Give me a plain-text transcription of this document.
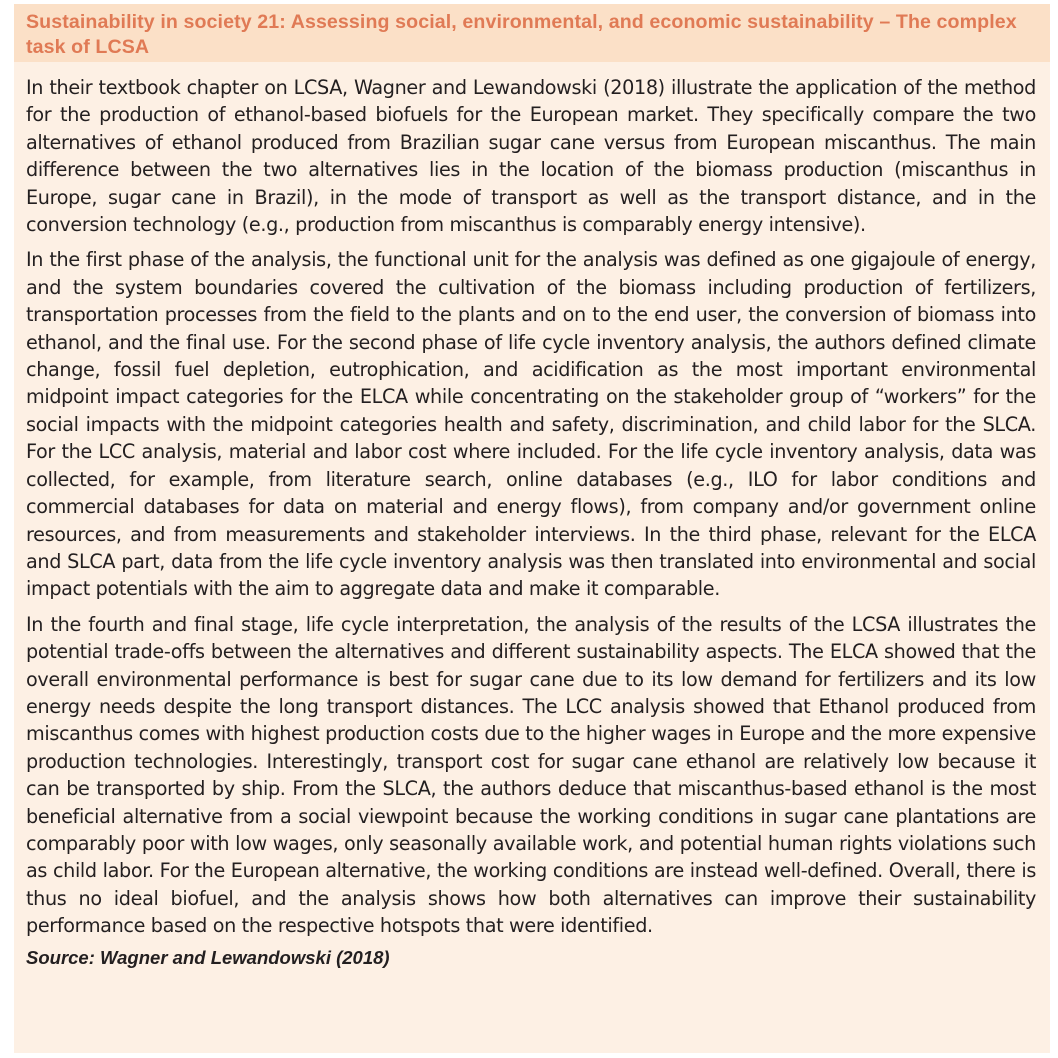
Sustainability in society 21: Assessing social, environmental, and economic sustainability – The complex task of LCSA

In their textbook chapter on LCSA, Wagner and Lewandowski (2018) illustrate the application of the method for the production of ethanol-based biofuels for the European market. They specifically compare the two alternatives of ethanol produced from Brazilian sugar cane versus from European miscanthus. The main difference between the two alternatives lies in the location of the biomass production (miscanthus in Europe, sugar cane in Brazil), in the mode of transport as well as the transport distance, and in the conversion technology (e.g., production from miscanthus is comparably energy intensive).

In the first phase of the analysis, the functional unit for the analysis was defined as one gigajoule of energy, and the system boundaries covered the cultivation of the biomass including production of fertilizers, transportation processes from the field to the plants and on to the end user, the conversion of biomass into ethanol, and the final use. For the second phase of life cycle inventory analysis, the authors defined climate change, fossil fuel depletion, eutrophication, and acidification as the most important environmental midpoint impact categories for the ELCA while concentrating on the stakeholder group of “workers” for the social impacts with the midpoint categories health and safety, discrimination, and child labor for the SLCA. For the LCC analysis, material and labor cost where included. For the life cycle inventory analysis, data was collected, for example, from literature search, online databases (e.g., ILO for labor conditions and commercial databases for data on material and energy flows), from company and/or government online resources, and from measurements and stakeholder interviews. In the third phase, relevant for the ELCA and SLCA part, data from the life cycle inventory analysis was then translated into environmental and social impact potentials with the aim to aggregate data and make it comparable.

In the fourth and final stage, life cycle interpretation, the analysis of the results of the LCSA illustrates the potential trade-offs between the alternatives and different sustainability aspects. The ELCA showed that the overall environmental performance is best for sugar cane due to its low demand for fertilizers and its low energy needs despite the long transport distances. The LCC analysis showed that Ethanol produced from miscanthus comes with highest production costs due to the higher wages in Europe and the more expensive production technologies. Interestingly, transport cost for sugar cane ethanol are relatively low because it can be transported by ship. From the SLCA, the authors deduce that miscanthus-based ethanol is the most beneficial alternative from a social viewpoint because the working conditions in sugar cane plantations are comparably poor with low wages, only seasonally available work, and potential human rights violations such as child labor. For the European alternative, the working conditions are instead well-defined. Overall, there is thus no ideal biofuel, and the analysis shows how both alternatives can improve their sustainability performance based on the respective hotspots that were identified.

Source: Wagner and Lewandowski (2018)
